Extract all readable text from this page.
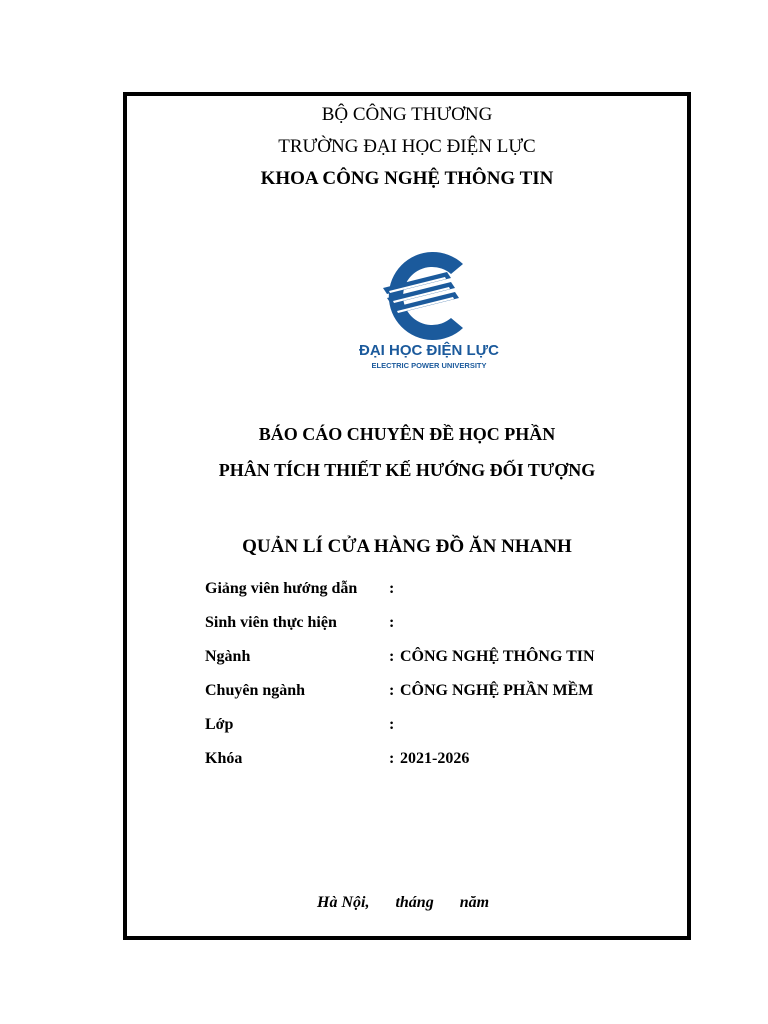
BỘ CÔNG THƯƠNG
TRƯỜNG ĐẠI HỌC ĐIỆN LỰC
KHOA CÔNG NGHỆ THÔNG TIN
ĐẠI HỌC ĐIỆN LỰC
ELECTRIC POWER UNIVERSITY
BÁO CÁO CHUYÊN ĐỀ HỌC PHẦN
PHÂN TÍCH THIẾT KẾ HƯỚNG ĐỐI TƯỢNG
QUẢN LÍ CỬA HÀNG ĐỒ ĂN NHANH
Giảng viên hướng dẫn :
Sinh viên thực hiện	:
Ngành	: CÔNG NGHỆ THÔNG TIN
Chuyên ngành	: CÔNG NGHỆ PHẦN MỀM
Lớp	:
Khóa	: 2021-2026
Hà Nội, tháng năm
